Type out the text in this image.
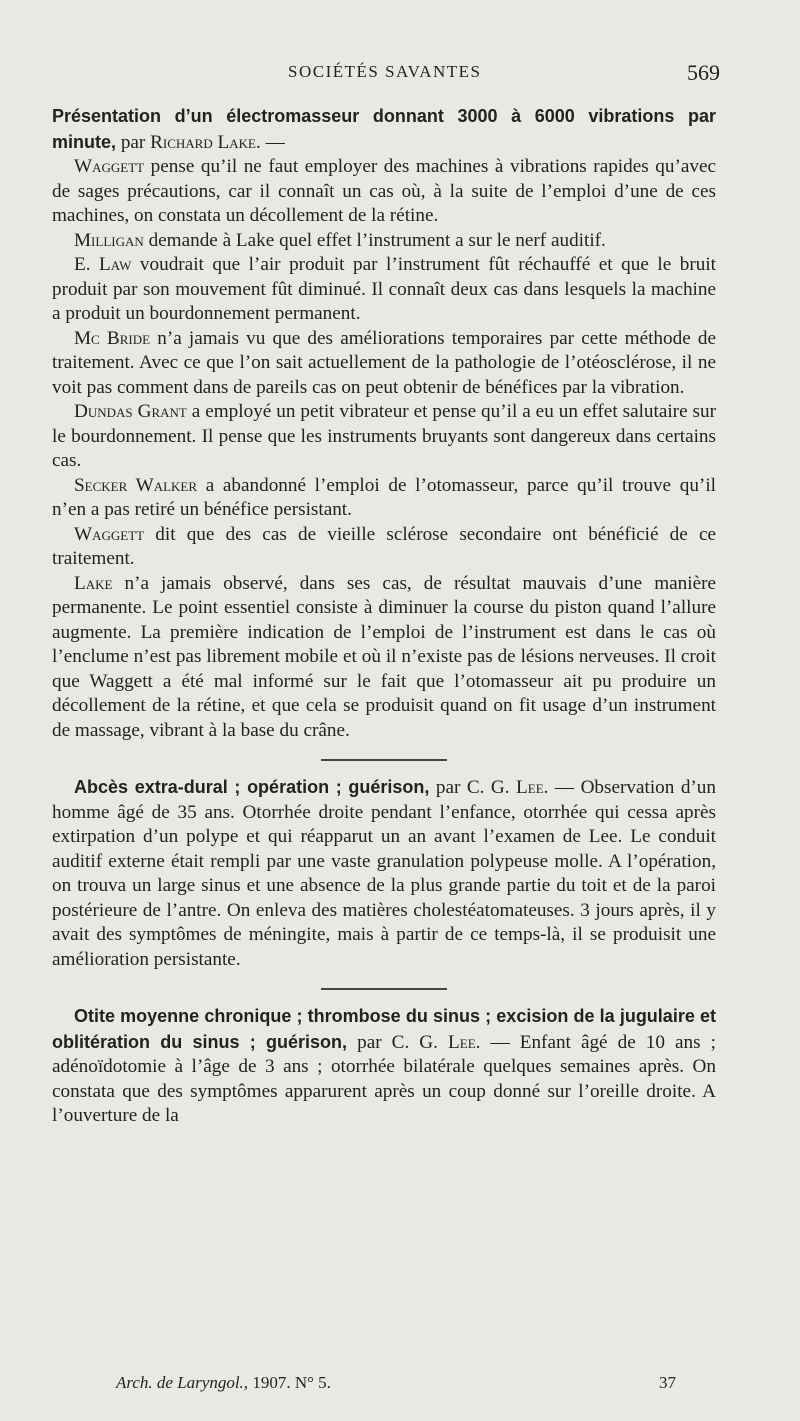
SOCIÉTÉS SAVANTES	569

Présentation d’un électromasseur donnant 3000 à 6000 vibrations par minute, par Richard Lake. —

Waggett pense qu’il ne faut employer des machines à vibrations rapides qu’avec de sages précautions, car il connaît un cas où, à la suite de l’emploi d’une de ces machines, on constata un décollement de la rétine.

Milligan demande à Lake quel effet l’instrument a sur le nerf auditif.

E. Law voudrait que l’air produit par l’instrument fût réchauffé et que le bruit produit par son mouvement fût diminué. Il connaît deux cas dans lesquels la machine a produit un bourdonnement permanent.

Mc Bride n’a jamais vu que des améliorations temporaires par cette méthode de traitement. Avec ce que l’on sait actuellement de la pathologie de l’otéosclérose, il ne voit pas comment dans de pareils cas on peut obtenir de bénéfices par la vibration.

Dundas Grant a employé un petit vibrateur et pense qu’il a eu un effet salutaire sur le bourdonnement. Il pense que les instruments bruyants sont dangereux dans certains cas.

Secker Walker a abandonné l’emploi de l’otomasseur, parce qu’il trouve qu’il n’en a pas retiré un bénéfice persistant.

Waggett dit que des cas de vieille sclérose secondaire ont bénéficié de ce traitement.

Lake n’a jamais observé, dans ses cas, de résultat mauvais d’une manière permanente. Le point essentiel consiste à diminuer la course du piston quand l’allure augmente. La première indication de l’emploi de l’instrument est dans le cas où l’enclume n’est pas librement mobile et où il n’existe pas de lésions nerveuses. Il croit que Waggett a été mal informé sur le fait que l’otomasseur ait pu produire un décollement de la rétine, et que cela se produisit quand on fit usage d’un instrument de massage, vibrant à la base du crâne.

Abcès extra-dural ; opération ; guérison, par C. G. Lee. — Observation d’un homme âgé de 35 ans. Otorrhée droite pendant l’enfance, otorrhée qui cessa après extirpation d’un polype et qui réapparut un an avant l’examen de Lee. Le conduit auditif externe était rempli par une vaste granulation polypeuse molle. A l’opération, on trouva un large sinus et une absence de la plus grande partie du toit et de la paroi postérieure de l’antre. On enleva des matières cholestéatomateuses. 3 jours après, il y avait des symptômes de méningite, mais à partir de ce temps-là, il se produisit une amélioration persistante.

Otite moyenne chronique ; thrombose du sinus ; excision de la jugulaire et oblitération du sinus ; guérison, par C. G. Lee. — Enfant âgé de 10 ans ; adénoïdotomie à l’âge de 3 ans ; otorrhée bilatérale quelques semaines après. On constata que des symptômes apparurent après un coup donné sur l’oreille droite. A l’ouverture de la

Arch. de Laryngol., 1907. N° 5.	37
